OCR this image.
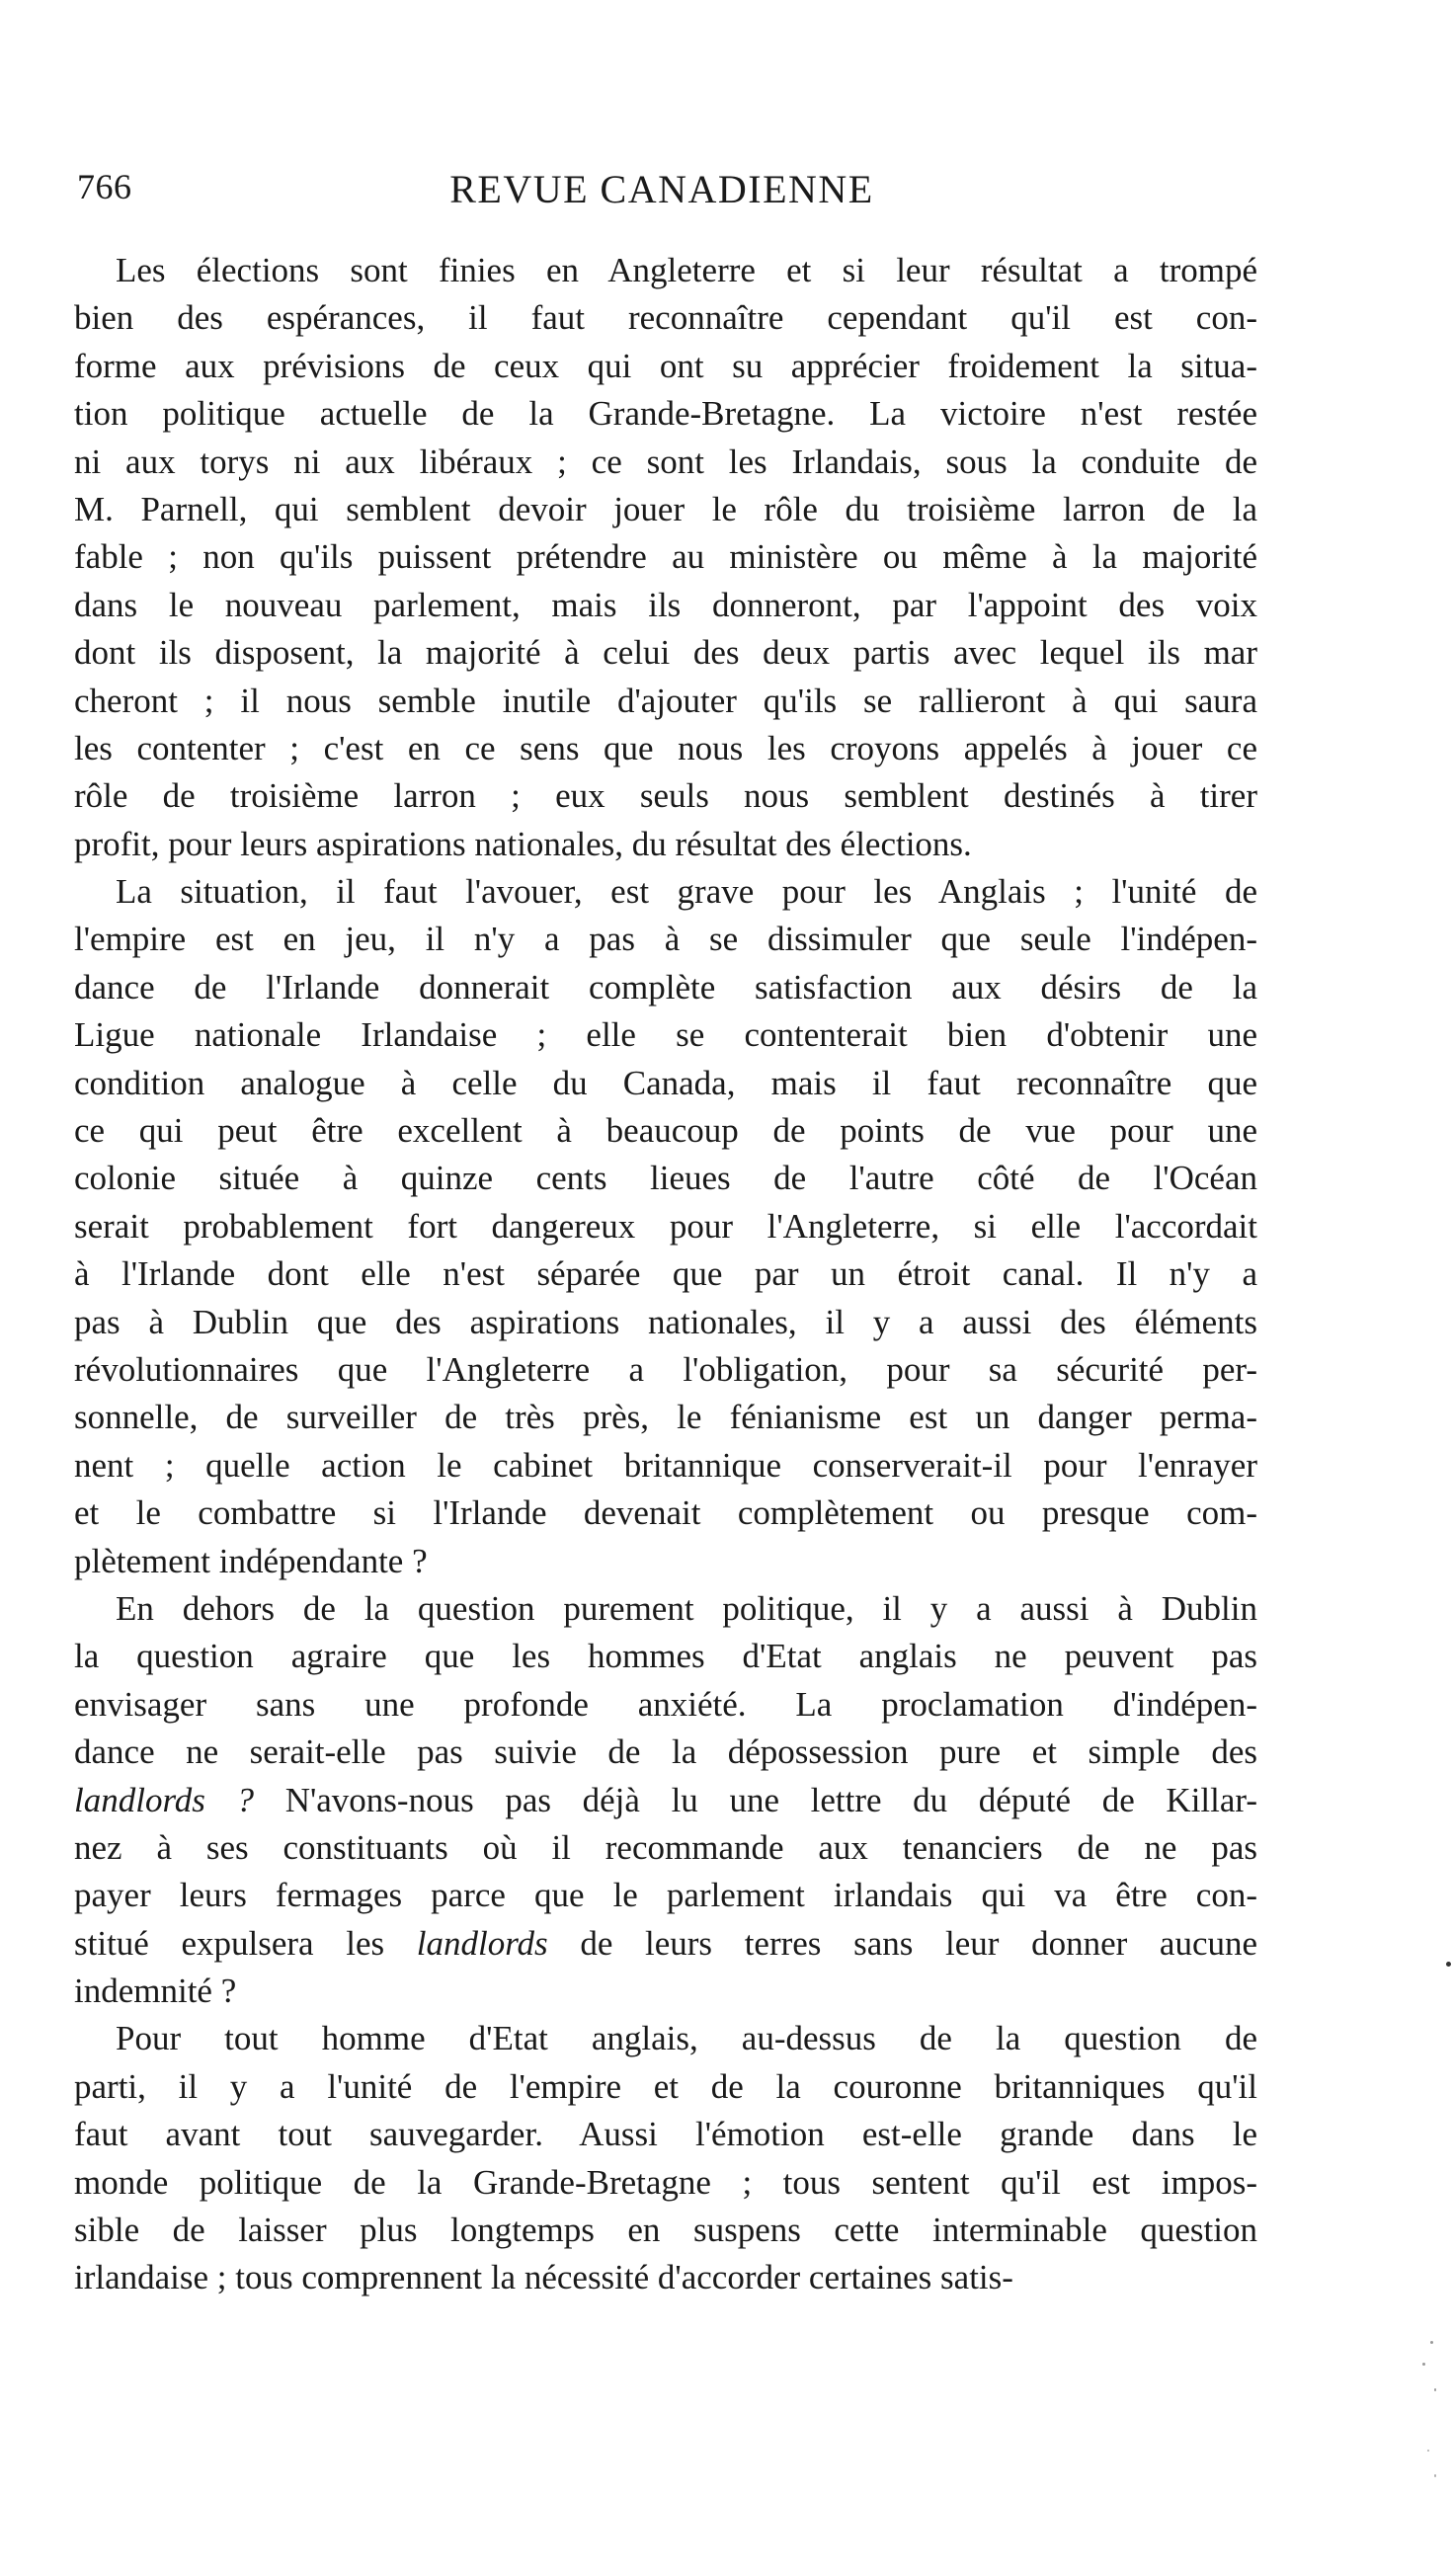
766	REVUE CANADIENNE
Les élections sont finies en Angleterre et si leur résultat a trompé
bien des espérances, il faut reconnaître cependant qu'il est con-
forme aux prévisions de ceux qui ont su apprécier froidement la situa-
tion politique actuelle de la Grande-Bretagne. La victoire n'est restée
ni aux torys ni aux libéraux ; ce sont les Irlandais, sous la conduite de
M. Parnell, qui semblent devoir jouer le rôle du troisième larron de la
fable ; non qu'ils puissent prétendre au ministère ou même à la majorité
dans le nouveau parlement, mais ils donneront, par l'appoint des voix
dont ils disposent, la majorité à celui des deux partis avec lequel ils mar
cheront ; il nous semble inutile d'ajouter qu'ils se rallieront à qui saura
les contenter ; c'est en ce sens que nous les croyons appelés à jouer ce
rôle de troisième larron ; eux seuls nous semblent destinés à tirer
profit, pour leurs aspirations nationales, du résultat des élections.
La situation, il faut l'avouer, est grave pour les Anglais ; l'unité de
l'empire est en jeu, il n'y a pas à se dissimuler que seule l'indépen-
dance de l'Irlande donnerait complète satisfaction aux désirs de la
Ligue nationale Irlandaise ; elle se contenterait bien d'obtenir une
condition analogue à celle du Canada, mais il faut reconnaître que
ce qui peut être excellent à beaucoup de points de vue pour une
colonie située à quinze cents lieues de l'autre côté de l'Océan
serait probablement fort dangereux pour l'Angleterre, si elle l'accordait
à l'Irlande dont elle n'est séparée que par un étroit canal. Il n'y a
pas à Dublin que des aspirations nationales, il y a aussi des éléments
révolutionnaires que l'Angleterre a l'obligation, pour sa sécurité per-
sonnelle, de surveiller de très près, le fénianisme est un danger perma-
nent ; quelle action le cabinet britannique conserverait-il pour l'enrayer
et le combattre si l'Irlande devenait complètement ou presque com-
plètement indépendante ?
En dehors de la question purement politique, il y a aussi à Dublin
la question agraire que les hommes d'Etat anglais ne peuvent pas
envisager sans une profonde anxiété. La proclamation d'indépen-
dance ne serait-elle pas suivie de la dépossession pure et simple des
landlords ? N'avons-nous pas déjà lu une lettre du député de Killar-
nez à ses constituants où il recommande aux tenanciers de ne pas
payer leurs fermages parce que le parlement irlandais qui va être con-
stitué expulsera les landlords de leurs terres sans leur donner aucune
indemnité ?
Pour tout homme d'Etat anglais, au-dessus de la question de
parti, il y a l'unité de l'empire et de la couronne britanniques qu'il
faut avant tout sauvegarder. Aussi l'émotion est-elle grande dans le
monde politique de la Grande-Bretagne ; tous sentent qu'il est impos-
sible de laisser plus longtemps en suspens cette interminable question
irlandaise ; tous comprennent la nécessité d'accorder certaines satis-
